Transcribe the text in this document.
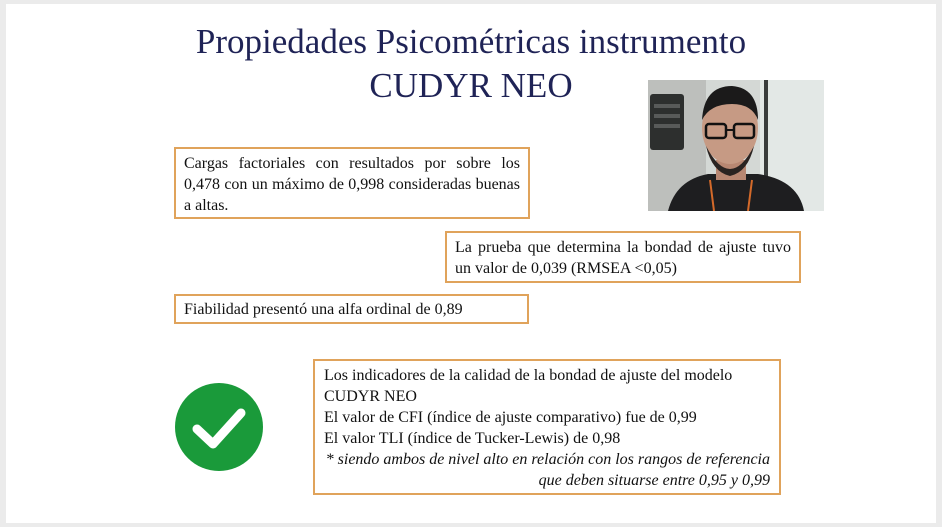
Propiedades Psicométricas instrumento
CUDYR NEO
Cargas factoriales con resultados por sobre los 0,478 con un máximo de 0,998 consideradas buenas a altas.
La prueba que determina la bondad de ajuste tuvo un valor de 0,039 (RMSEA <0,05)
Fiabilidad presentó una alfa ordinal de 0,89
Los indicadores de la calidad de la bondad de ajuste del modelo CUDYR NEO
El valor de CFI (índice de ajuste comparativo) fue de 0,99
El valor TLI (índice de Tucker-Lewis) de 0,98
* siendo ambos de nivel alto en relación con los rangos de referencia que deben situarse entre 0,95 y 0,99
